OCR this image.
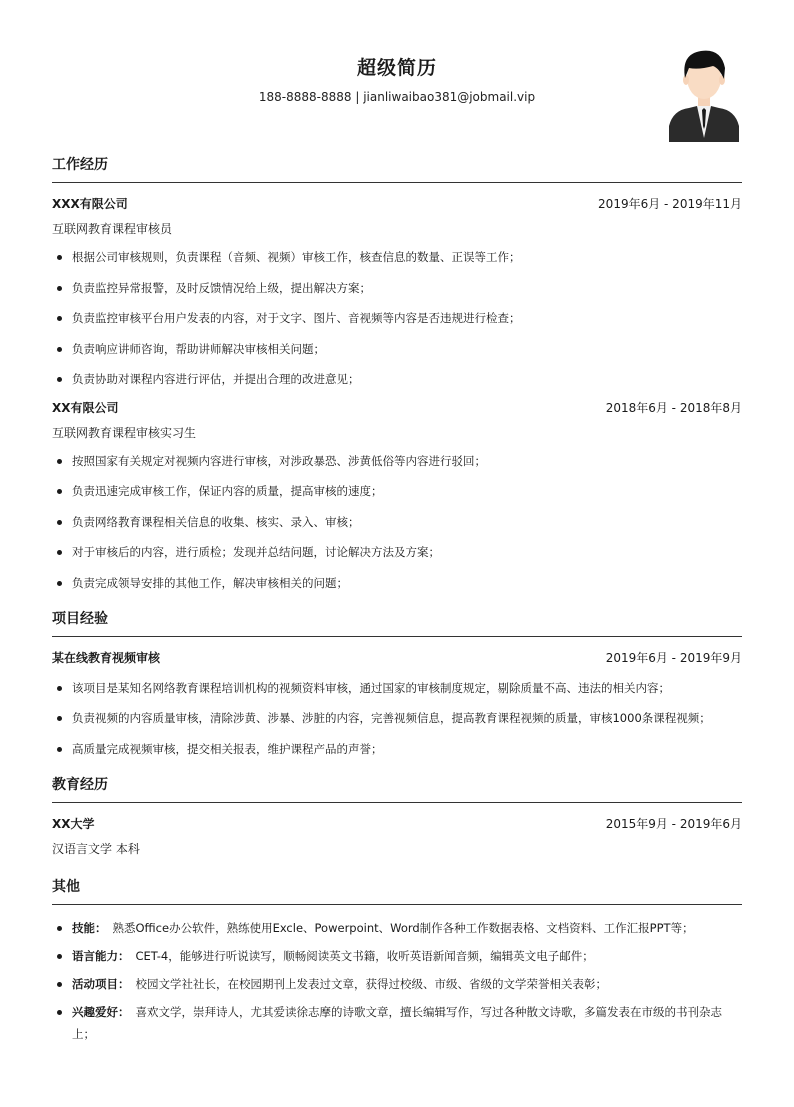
超级简历
188-8888-8888 | jianliwaibao381@jobmail.vip
工作经历
XXX有限公司	2019年6月 - 2019年11月
互联网教育课程审核员
根据公司审核规则，负责课程（音频、视频）审核工作，核查信息的数量、正误等工作；
负责监控异常报警，及时反馈情况给上级，提出解决方案；
负责监控审核平台用户发表的内容，对于文字、图片、音视频等内容是否违规进行检查；
负责响应讲师咨询，帮助讲师解决审核相关问题；
负责协助对课程内容进行评估，并提出合理的改进意见；
XX有限公司	2018年6月 - 2018年8月
互联网教育课程审核实习生
按照国家有关规定对视频内容进行审核，对涉政暴恐、涉黄低俗等内容进行驳回；
负责迅速完成审核工作，保证内容的质量，提高审核的速度；
负责网络教育课程相关信息的收集、核实、录入、审核；
对于审核后的内容，进行质检；发现并总结问题，讨论解决方法及方案；
负责完成领导安排的其他工作，解决审核相关的问题；
项目经验
某在线教育视频审核	2019年6月 - 2019年9月
该项目是某知名网络教育课程培训机构的视频资料审核，通过国家的审核制度规定，剔除质量不高、违法的相关内容；
负责视频的内容质量审核，清除涉黄、涉暴、涉脏的内容，完善视频信息，提高教育课程视频的质量，审核1000条课程视频；
高质量完成视频审核，提交相关报表，维护课程产品的声誉；
教育经历
XX大学	2015年9月 - 2019年6月
汉语言文学 本科
其他
技能： 熟悉Office办公软件，熟练使用Excle、Powerpoint、Word制作各种工作数据表格、文档资料、工作汇报PPT等；
语言能力： CET-4，能够进行听说读写，顺畅阅读英文书籍，收听英语新闻音频，编辑英文电子邮件；
活动项目： 校园文学社社长，在校园期刊上发表过文章，获得过校级、市级、省级的文学荣誉相关表彰；
兴趣爱好： 喜欢文学，崇拜诗人，尤其爱读徐志摩的诗歌文章，擅长编辑写作，写过各种散文诗歌，多篇发表在市级的书刊杂志上；
